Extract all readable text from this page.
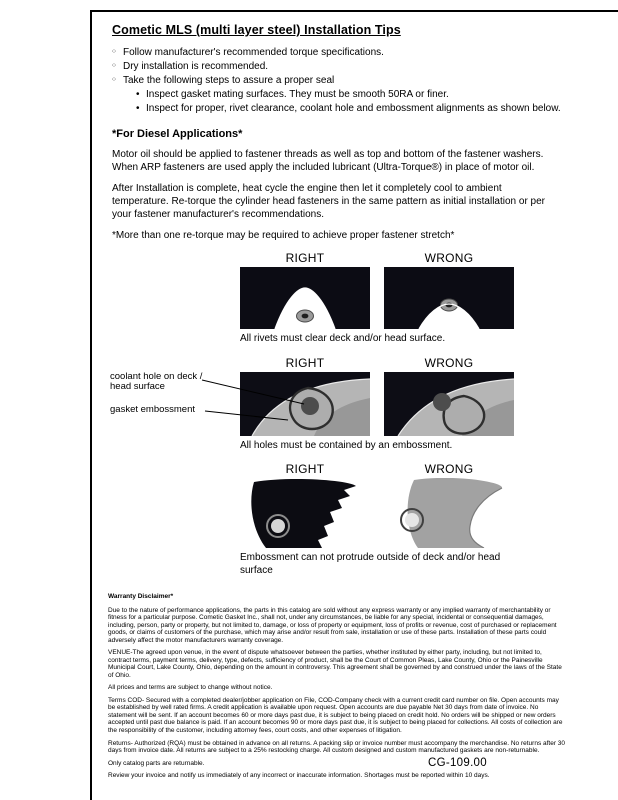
Cometic MLS (multi layer steel) Installation Tips
○ Follow manufacturer's recommended torque specifications.
○ Dry installation is recommended.
○ Take the following steps to assure a proper seal
• Inspect gasket mating surfaces. They must be smooth 50RA or finer.
• Inspect for proper, rivet clearance, coolant hole and embossment alignments as shown below.
*For Diesel Applications*

Motor oil should be applied to fastener threads as well as top and bottom of the fastener washers. When ARP fasteners are used apply the included lubricant (Ultra-Torque®) in place of motor oil.

After Installation is complete, heat cycle the engine then let it completely cool to ambient temperature. Re-torque the cylinder head fasteners in the same pattern as initial installation or per your fastener manufacturer's recommendations.

*More than one re-torque may be required to achieve proper fastener stretch*

RIGHT	WRONG
All rivets must clear deck and/or head surface.
coolant hole on deck / head surface
gasket embossment
RIGHT	WRONG
All holes must be contained by an embossment.
RIGHT	WRONG
Embossment can not protrude outside of deck and/or head surface
Warranty Disclaimer*

Due to the nature of performance applications, the parts in this catalog are sold without any express warranty or any implied warranty of merchantability or fitness for a particular purpose. Cometic Gasket Inc., shall not, under any circumstances, be liable for any special, incidental or consequential damages, including, person, party or property, but not limited to, damage, or loss of property or equipment, loss of profits or revenue, cost of purchased or replacement goods, or claims of customers of the purchase, which may arise and/or result from sale, installation or use of these parts. Installation of these parts could adversely affect the motor manufacturers warranty coverage.

VENUE-The agreed upon venue, in the event of dispute whatsoever between the parties, whether instituted by either party, including, but not limited to, contract terms, payment terms, delivery, type, defects, sufficiency of product, shall be the Court of Common Pleas, Lake County, Ohio or the Painesville Municipal Court, Lake County, Ohio, depending on the amount in controversy. This agreement shall be governed by and construed under the laws of the State of Ohio.

All prices and terms are subject to change without notice.

Terms COD- Secured with a completed dealer/jobber application on File, COD-Company check with a current credit card number on file. Open accounts may be established by well rated firms. A credit application is available upon request. Open accounts are due payable Net 30 days from date of invoice. No statement will be sent. If an account becomes 60 or more days past due, it is subject to being placed on credit hold. No orders will be shipped or new orders accepted until past due balance is paid. If an account becomes 90 or more days past due, it is subject to being placed for collections. All costs of collection are the responsibility of the customer, including attorney fees, court costs, and other expenses of litigation.

Returns- Authorized (RQA) must be obtained in advance on all returns. A packing slip or invoice number must accompany the merchandise. No returns after 30 days from invoice date. All returns are subject to a 25% restocking charge. All custom designed and custom manufactured gaskets are non-returnable.

Only catalog parts are returnable.

Review your invoice and notify us immediately of any incorrect or inaccurate information. Shortages must be reported within 10 days.

CG-109.00
